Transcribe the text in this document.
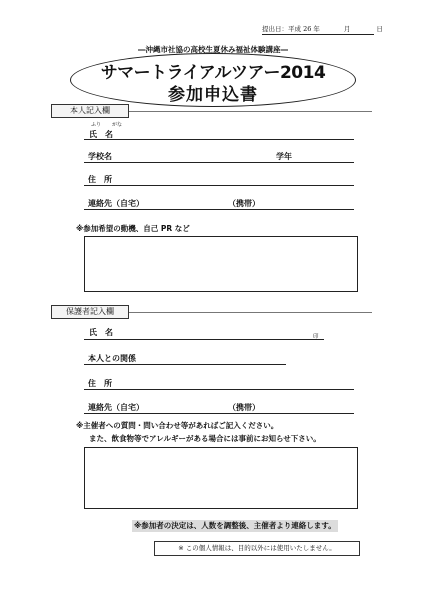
提出日：平成 26 年	月	日
―沖縄市社協の高校生夏休み福祉体験講座―
サマートライアルツアー2014
参加申込書
本人記入欄
ふり がな
氏　名
学校名	学年
住　所
連絡先（自宅）	（携帯）
※参加希望の動機、自己 PR など
保護者記入欄
氏　名	印
本人との関係
住　所
連絡先（自宅）	（携帯）
※主催者への質問・問い合わせ等があればご記入ください。
また、飲食物等でアレルギーがある場合には事前にお知らせ下さい。
※参加者の決定は、人数を調整後、主催者より連絡します。
※ この個人情報は、目的以外には使用いたしません。
